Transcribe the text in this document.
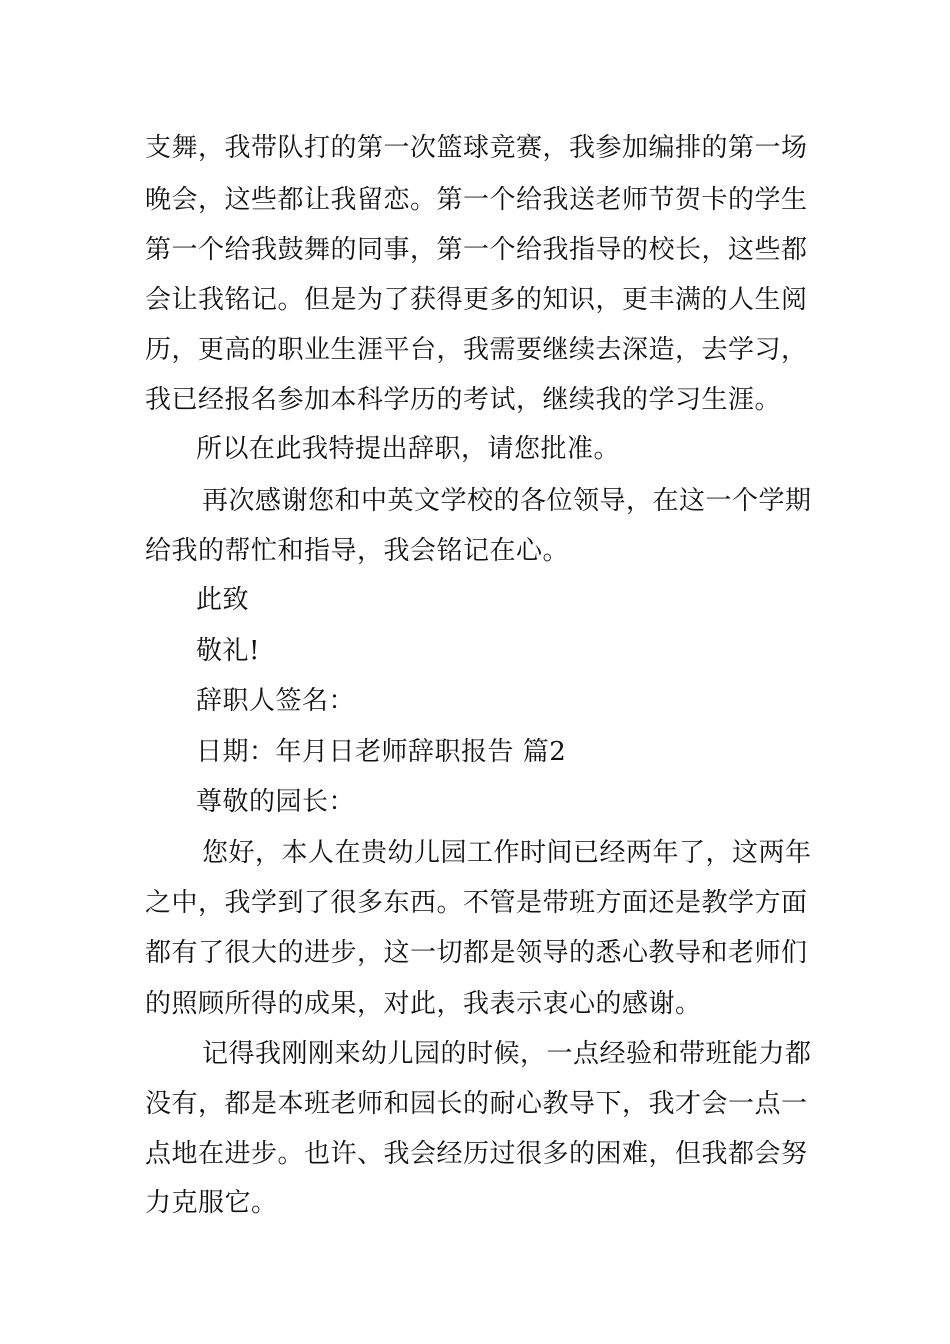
支舞，我带队打的第一次篮球竞赛，我参加编排的第一场
晚会，这些都让我留恋。第一个给我送老师节贺卡的学生
第一个给我鼓舞的同事，第一个给我指导的校长，这些都
会让我铭记。但是为了获得更多的知识，更丰满的人生阅
历，更高的职业生涯平台，我需要继续去深造，去学习，
我已经报名参加本科学历的考试，继续我的学习生涯。
所以在此我特提出辞职，请您批准。
再次感谢您和中英文学校的各位领导，在这一个学期
给我的帮忙和指导，我会铭记在心。
此致
敬礼!
辞职人签名：
日期：年月日老师辞职报告 篇2
尊敬的园长：
您好，本人在贵幼儿园工作时间已经两年了，这两年
之中，我学到了很多东西。不管是带班方面还是教学方面
都有了很大的进步，这一切都是领导的悉心教导和老师们
的照顾所得的成果，对此，我表示衷心的感谢。
记得我刚刚来幼儿园的时候，一点经验和带班能力都
没有，都是本班老师和园长的耐心教导下，我才会一点一
点地在进步。也许、我会经历过很多的困难，但我都会努
力克服它。
